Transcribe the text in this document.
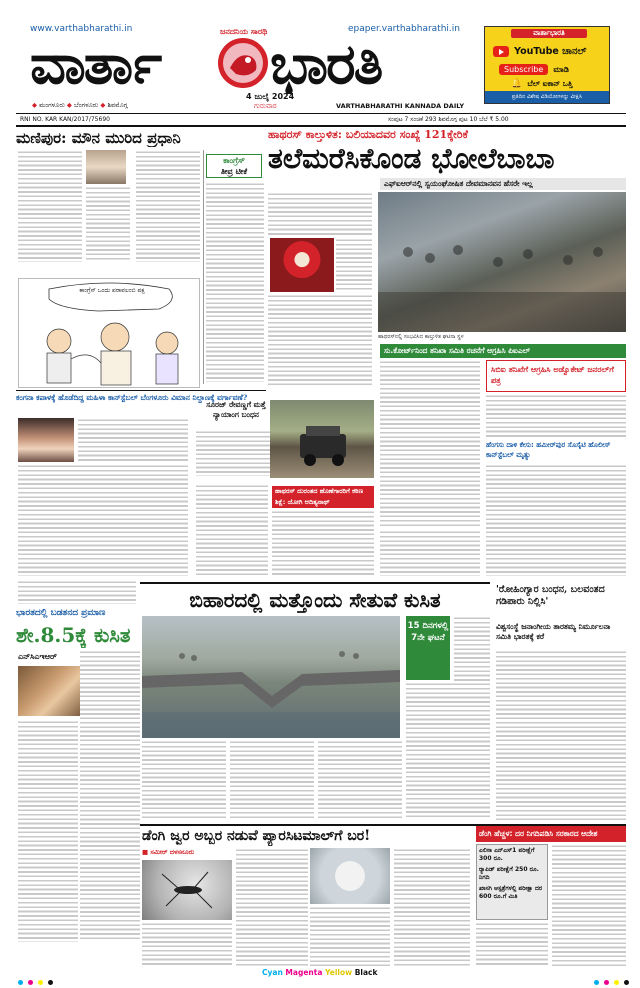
www.varthabharathi.in	epaper.varthabharathi.in
ಜನದನಿಯ ಸಾರಥಿ
ವಾರ್ತಾ	ಭಾರತಿ
4 ಜುಲೈ 2024
ಗುರುವಾರ
◆ ಮಂಗಳೂರು ◆ ಬೆಂಗಳೂರು ◆ ಶಿವಮೊಗ್ಗ	VARTHABHARATHI KANNADA DAILY
ವಾರ್ತಾಭಾರತಿ
YouTube ಚಾನಲ್
Subscribe ಮಾಡಿ
🔔 ಬೆಲ್ ಐಕಾನ್ ಒತ್ತಿ
ಪ್ರತಿದಿನ ವಿಶೇಷ ವಿಡಿಯೋಗಳನ್ನು ವೀಕ್ಷಿಸಿ
RNI NO. KAR KAN/2017/75690	ಸಂಪುಟ 7 ಸಂಚಿಕೆ 293 ಶಿವಮೊಗ್ಗ ಪುಟ 10 ಬೆಲೆ ₹ 5.00
ಮಣಿಪುರ: ಮೌನ ಮುರಿದ ಪ್ರಧಾನಿ
ಕಾಂಗ್ರೆಸ್ ಒಂದು ಪರಾವಲಂಬಿ ಪಕ್ಷ
ಕಾಂಗ್ರೆಸ್
ತೀವ್ರ ಟೀಕೆ
ಹಾಥರಸ್ ಕಾಲ್ತುಳಿತ: ಬಲಿಯಾದವರ ಸಂಖ್ಯೆ 121ಕ್ಕೇರಿಕೆ
ತಲೆಮರೆಸಿಕೊಂಡ ಭೋಲೆಬಾಬಾ
ಎಫ್‌ಐಆರ್‌ನಲ್ಲಿ ಸ್ವಯಂಘೋಷಿತ ದೇವಮಾನವನ ಹೆಸರೇ ಇಲ್ಲ
ಹಾಥರಸ್‌ನಲ್ಲಿ ಸಂಭವಿಸಿದ ಕಾಲ್ತುಳಿತ ಘಟನಾ ಸ್ಥಳ
ಸು.ಕೋರ್ಟ್‌ನಿಂದ ತನಿಖಾ ಸಮಿತಿ ರಚನೆಗೆ ಆಗ್ರಹಿಸಿ ಪಿಐಎಲ್
ಸಿಬಿಐ ತನಿಖೆಗೆ ಆಗ್ರಹಿಸಿ ಅಡ್ವೊಕೇಟ್ ಜನರಲ್‌ಗೆ ಪತ್ರ
ಹೆಂಗಸು ದಾಳಿ ಕೇಸು: ಹಮೀರ್‌ಪುರ ಸೊಸೈಟಿ ಹೊಲೀಸ್ ಕಾನ್‌ಸ್ಟೆಬಲ್ ಮೃತ್ಯು
ಕಂಗನಾ ಕಪಾಳಕ್ಕೆ ಹೊಡೆದಿದ್ದ ಮಹಿಳಾ ಕಾನ್‌ಸ್ಟೆಬಲ್ ಬೆಂಗಳೂರು ವಿಮಾನ ನಿಲ್ದಾಣಕ್ಕೆ ವರ್ಗಾವಣೆ?
ಸೂರಜ್ ರೇವಣ್ಣಗೆ ಮತ್ತೆ ನ್ಯಾಯಾಂಗ ಬಂಧನ
ಹಾಥರಸ್ ದುರಂತದ ಹೊಣೆಗಾರರಿಗೆ ಕಠಿಣ ಶಿಕ್ಷೆ: ಯೋಗಿ ಆದಿತ್ಯನಾಥ್
ಬಿಹಾರದಲ್ಲಿ ಮತ್ತೊಂದು ಸೇತುವೆ ಕುಸಿತ
15 ದಿನಗಳಲ್ಲಿ 7ನೇ ಘಟನೆ
ಭಾರತದಲ್ಲಿ ಬಡತನದ ಪ್ರಮಾಣ
ಶೇ.8.5ಕ್ಕೆ ಕುಸಿತ
ಎನ್‌ಸಿಎಇಆರ್
'ರೋಹಿಂಗ್ಯಾರ ಬಂಧನ, ಬಲವಂತದ ಗಡಿಪಾರು ನಿಲ್ಲಿಸಿ'
ವಿಶ್ವಸಂಸ್ಥೆ ಜನಾಂಗೀಯ ತಾರತಮ್ಯ ನಿರ್ಮೂಲನಾ ಸಮಿತಿ ಭಾರತಕ್ಕೆ ಕರೆ
ಡೆಂಗಿ ಜ್ವರ ಅಬ್ಬರ ನಡುವೆ ಪ್ಯಾರಸಿಟಮಾಲ್‌ಗೆ ಬರ!
■ ಸಮೀರ್ ದಳಸನೂರು
ಡೆಂಗಿ ಹೆಚ್ಚಳ: ದರ ನಿಗದಿಪಡಿಸಿ ಸರಕಾರದ ಆದೇಶ
ಎಲಿಸಾ ಎನ್‌ಎಸ್1 ಪರೀಕ್ಷೆಗೆ 300 ರೂ.
ರ್‍ಯಾಪಿಡ್ ಪರೀಕ್ಷೆಗೆ 250 ರೂ. ನಿಗದಿ
ಖಾಸಗಿ ಆಸ್ಪತ್ರೆಗಳಲ್ಲಿ ಪರೀಕ್ಷಾ ದರ 600 ರೂ.ಗೆ ಮಿತಿ

Cyan Magenta Yellow Black
